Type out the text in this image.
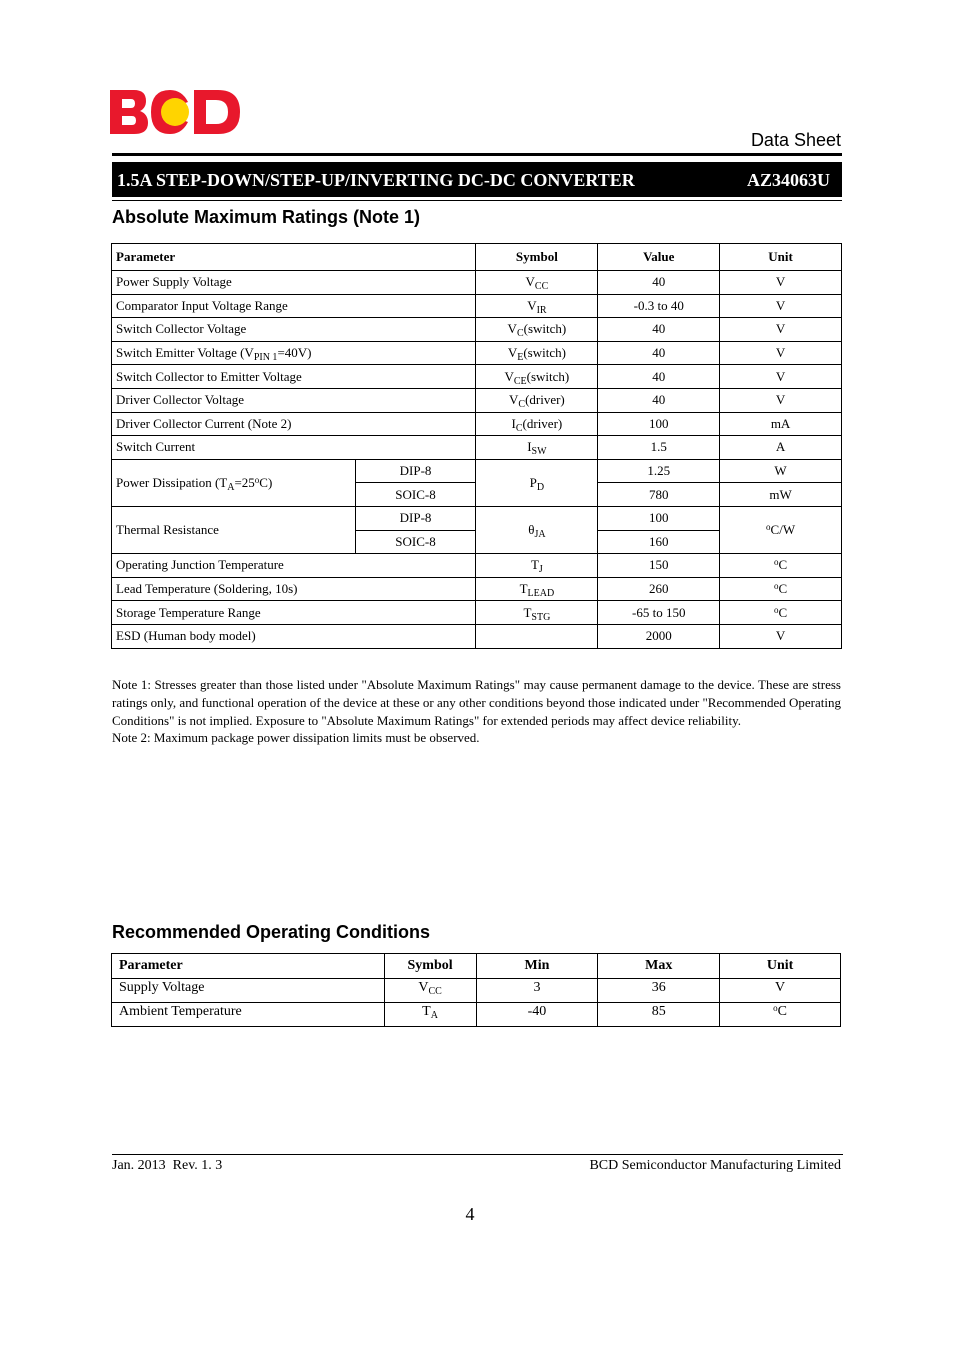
Data Sheet
1.5A STEP-DOWN/STEP-UP/INVERTING DC-DC CONVERTER	AZ34063U
Absolute Maximum Ratings (Note 1)
Parameter		Symbol	Value	Unit
Power Supply Voltage		$V_{CC}$	40	V
Comparator Input Voltage Range		$V_{IR}$	-0.3 to 40	V
Switch Collector Voltage		$V_C(switch)$	40	V
Switch Emitter Voltage $(V_{PIN 1}=40V)$		$V_E(switch)$	40	V
Switch Collector to Emitter Voltage		$V_{CE}(switch)$	40	V
Driver Collector Voltage		$V_C(driver)$	40	V
Driver Collector Current (Note 2)		$I_C(driver)$	100	mA
Switch Current		$I_{SW}$	1.5	A
Power Dissipation $(T_A=25^oC)$	DIP-8	$P_D$	1.25	W
	SOIC-8		780	mW
Thermal Resistance	DIP-8	$\theta_{JA}$	100	$^o$C/W
	SOIC-8		160	
Operating Junction Temperature		$T_J$	150	$^o$C
Lead Temperature (Soldering, 10s)		$T_{LEAD}$	260	$^o$C
Storage Temperature Range		$T_{STG}$	-65 to 150	$^o$C
ESD (Human body model)			2000	V
Note 1: Stresses greater than those listed under "Absolute Maximum Ratings" may cause permanent damage to the device. These are stress ratings only, and functional operation of the device at these or any other conditions beyond those indicated under "Recommended Operating Conditions" is not implied. Exposure to "Absolute Maximum Ratings" for extended periods may affect device reliability.
Note 2: Maximum package power dissipation limits must be observed.
Recommended Operating Conditions
Parameter	Symbol	Min	Max	Unit
Supply Voltage	$V_{CC}$	3	36	V
Ambient Temperature	$T_A$	-40	85	$^o$C
Jan. 2013  Rev. 1. 3	BCD Semiconductor Manufacturing Limited
4
